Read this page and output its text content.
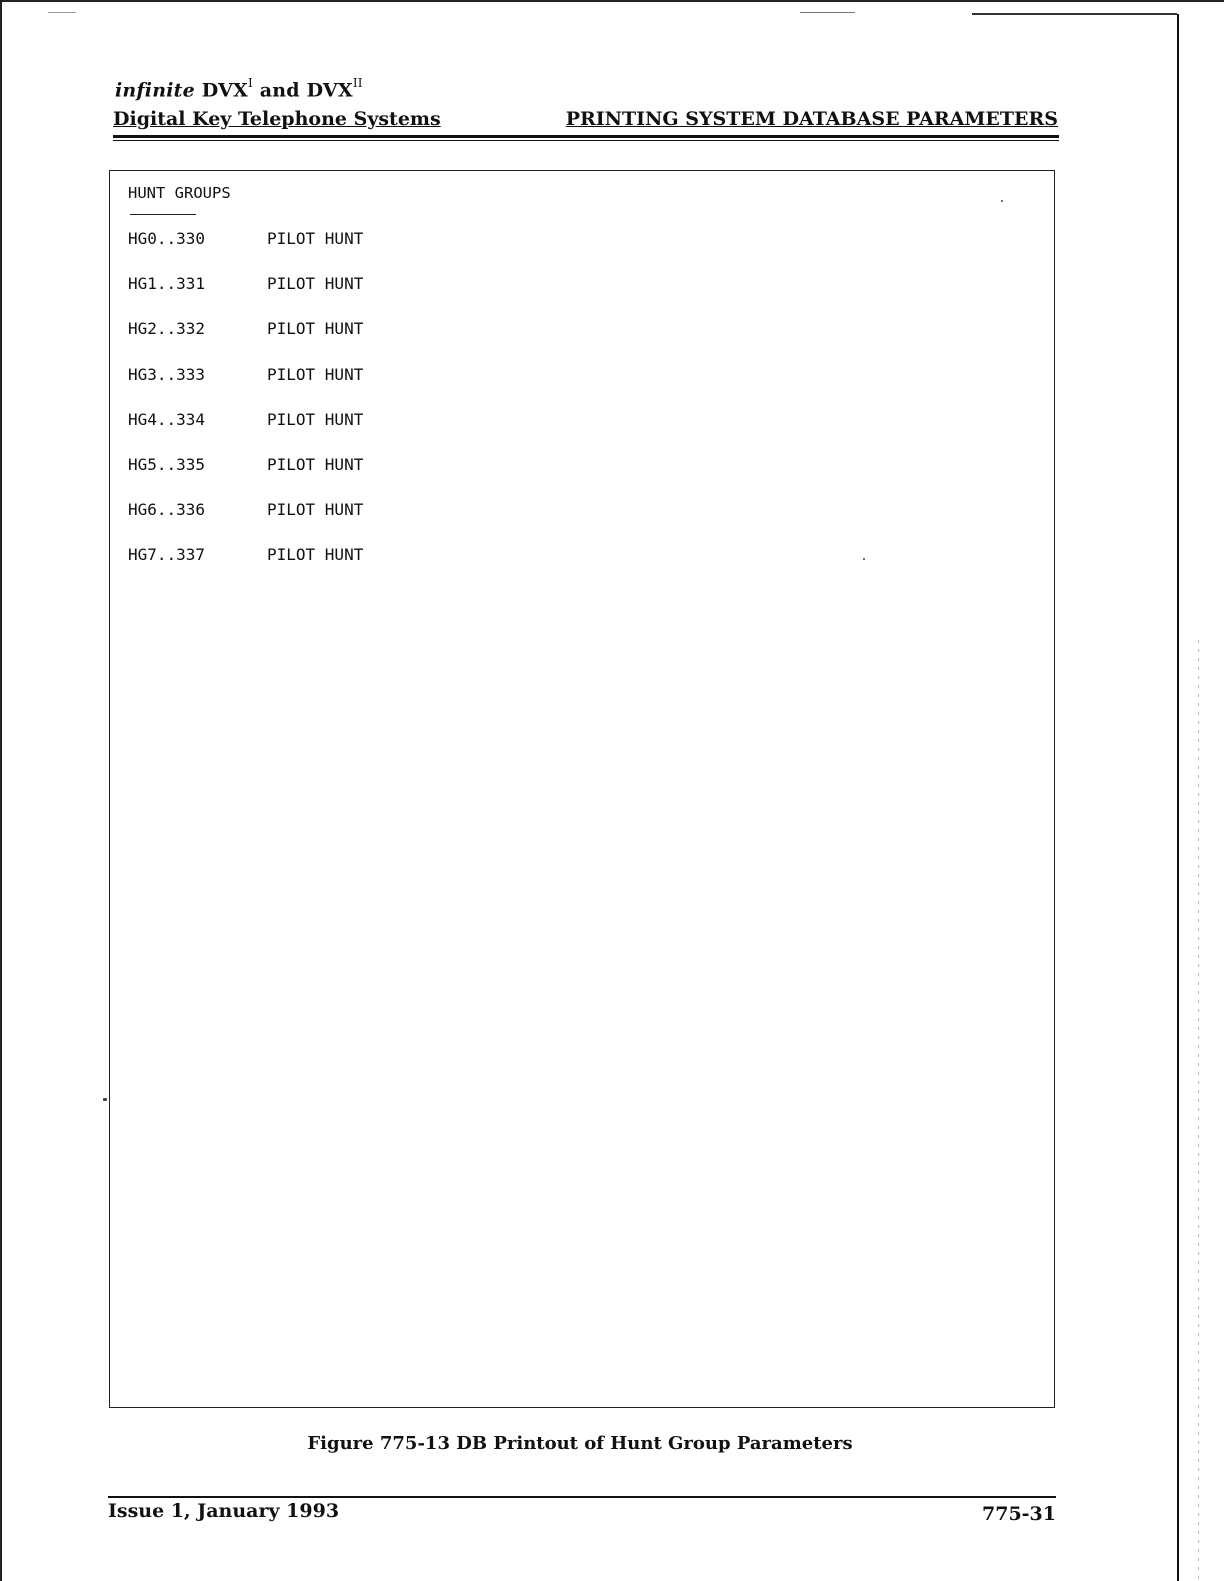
infinite $DVX^I$ and $DVX^{II}$
Digital Key Telephone Systems	PRINTING SYSTEM DATABASE PARAMETERS
HUNT GROUPS
HG0..330	PILOT HUNT
HG1..331	PILOT HUNT
HG2..332	PILOT HUNT
HG3..333	PILOT HUNT
HG4..334	PILOT HUNT
HG5..335	PILOT HUNT
HG6..336	PILOT HUNT
HG7..337	PILOT HUNT
Figure 775-13 DB Printout of Hunt Group Parameters
Issue 1, January 1993	775-31
